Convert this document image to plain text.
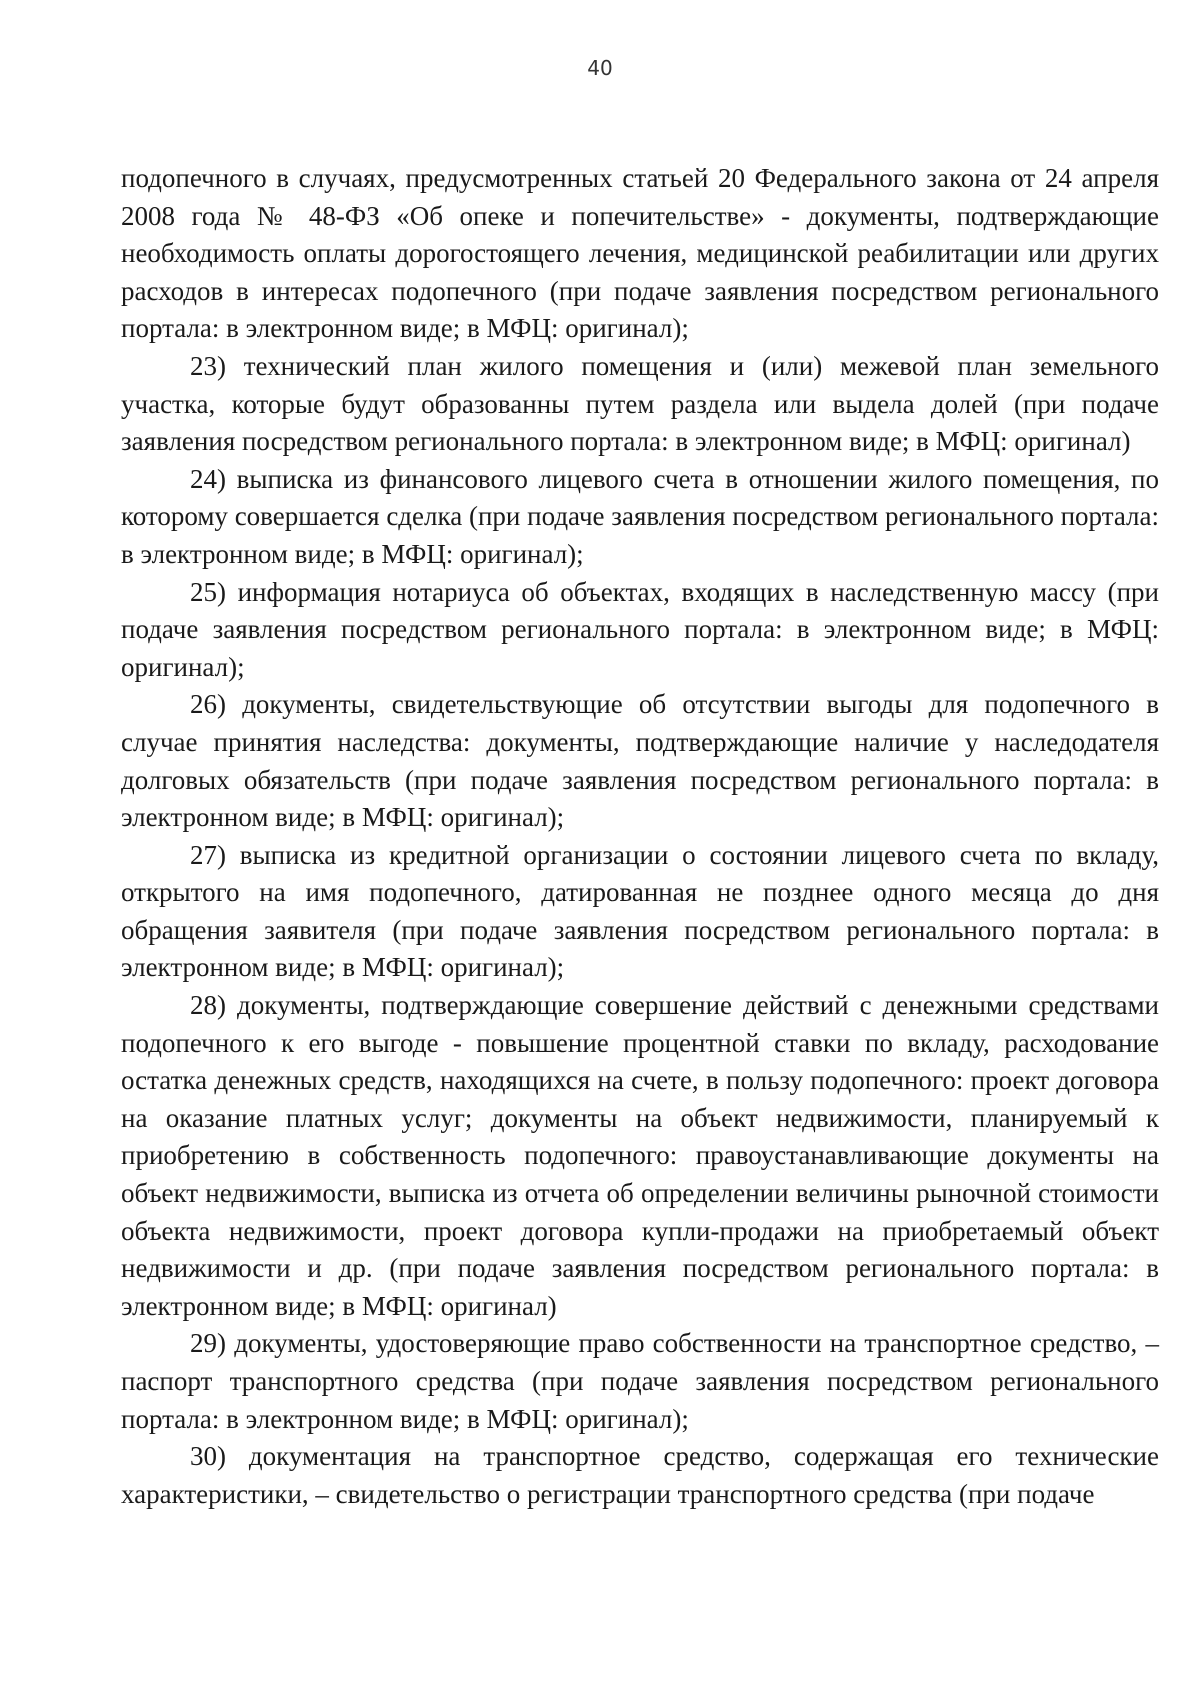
40

подопечного в случаях, предусмотренных статьей 20 Федерального закона от 24 апреля 2008 года № 48-ФЗ «Об опеке и попечительстве» - документы, подтверждающие необходимость оплаты дорогостоящего лечения, медицинской реабилитации или других расходов в интересах подопечного (при подаче заявления посредством регионального портала: в электронном виде; в МФЦ: оригинал);

23) технический план жилого помещения и (или) межевой план земельного участка, которые будут образованны путем раздела или выдела долей (при подаче заявления посредством регионального портала: в электронном виде; в МФЦ: оригинал)

24) выписка из финансового лицевого счета в отношении жилого помещения, по которому совершается сделка (при подаче заявления посредством регионального портала: в электронном виде; в МФЦ: оригинал);

25) информация нотариуса об объектах, входящих в наследственную массу (при подаче заявления посредством регионального портала: в электронном виде; в МФЦ: оригинал);

26) документы, свидетельствующие об отсутствии выгоды для подопечного в случае принятия наследства: документы, подтверждающие наличие у наследодателя долговых обязательств (при подаче заявления посредством регионального портала: в электронном виде; в МФЦ: оригинал);

27) выписка из кредитной организации о состоянии лицевого счета по вкладу, открытого на имя подопечного, датированная не позднее одного месяца до дня обращения заявителя (при подаче заявления посредством регионального портала: в электронном виде; в МФЦ: оригинал);

28) документы, подтверждающие совершение действий с денежными средствами подопечного к его выгоде - повышение процентной ставки по вкладу, расходование остатка денежных средств, находящихся на счете, в пользу подопечного: проект договора на оказание платных услуг; документы на объект недвижимости, планируемый к приобретению в собственность подопечного: правоустанавливающие документы на объект недвижимости, выписка из отчета об определении величины рыночной стоимости объекта недвижимости, проект договора купли-продажи на приобретаемый объект недвижимости и др. (при подаче заявления посредством регионального портала: в электронном виде; в МФЦ: оригинал)

29) документы, удостоверяющие право собственности на транспортное средство, – паспорт транспортного средства (при подаче заявления посредством регионального портала: в электронном виде; в МФЦ: оригинал);

30) документация на транспортное средство, содержащая его технические характеристики, – свидетельство о регистрации транспортного средства (при подаче
